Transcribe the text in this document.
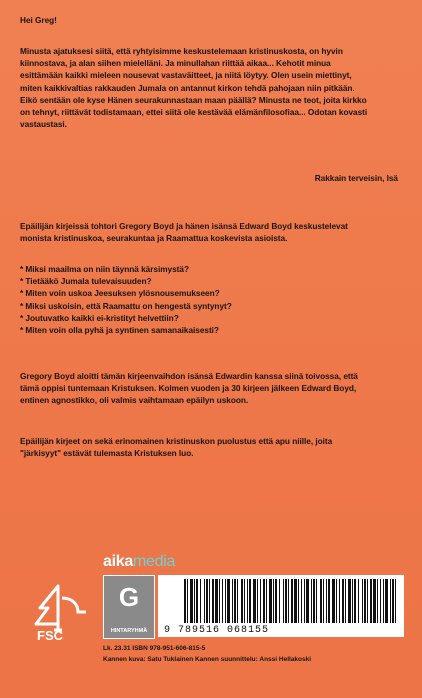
Hei Greg!
Minusta ajatuksesi siitä, että ryhtyisimme keskustelemaan kristinuskosta, on hyvin
kiinnostava, ja alan siihen mielelläni. Ja minullahan riittää aikaa... Kehotit minua
esittämään kaikki mieleen nousevat vastaväitteet, ja niitä löytyy. Olen usein miettinyt,
miten kaikkivaltias rakkauden Jumala on antannut kirkon tehdä pahojaan niin pitkään.
Eikö sentään ole kyse Hänen seurakunnastaan maan päällä? Minusta ne teot, joita kirkko
on tehnyt, riittävät todistamaan, ettei siitä ole kestävää elämänfilosofiaa... Odotan kovasti
vastaustasi.
Rakkain terveisin, Isä
Epäilijän kirjeissä tohtori Gregory Boyd ja hänen isänsä Edward Boyd keskustelevat
monista kristinuskoa, seurakuntaa ja Raamattua koskevista asioista.
* Miksi maailma on niin täynnä kärsimystä?
* Tietääkö Jumala tulevaisuuden?
* Miten voin uskoa Jeesuksen ylösnousemukseen?
* Miksi uskoisin, että Raamattu on hengestä syntynyt?
* Joutuvatko kaikki ei-kristityt helvettiin?
* Miten voin olla pyhä ja syntinen samanaikaisesti?
Gregory Boyd aloitti tämän kirjeenvaihdon isänsä Edwardin kanssa siinä toivossa, että
tämä oppisi tuntemaan Kristuksen. Kolmen vuoden ja 30 kirjeen jälkeen Edward Boyd,
entinen agnostikko, oli valmis vaihtamaan epäilyn uskoon.
Epäilijän kirjeet on sekä erinomainen kristinuskon puolustus että apu niille, joita
"järkisyyt" estävät tulemasta Kristuksen luo.
aikamedia
FSC
G
HINTARYHMÄ	9 789516 068155
Lk. 23.31 ISBN 978-951-606-815-5
Kannen kuva: Satu Tuklainen Kannen suunnittelu: Anssi Hellakoski
